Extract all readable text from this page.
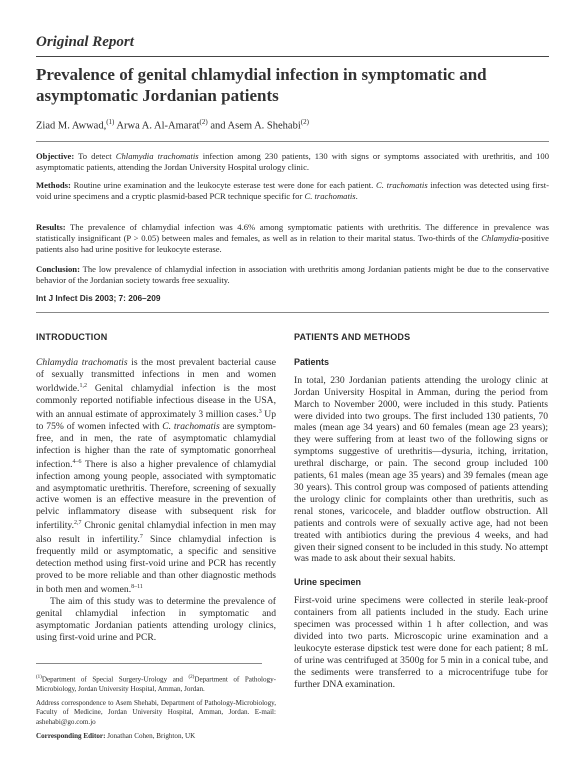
Original Report
Prevalence of genital chlamydial infection in symptomatic and asymptomatic Jordanian patients
Ziad M. Awwad,$^{(1)}$ Arwa A. Al-Amarat$^{(2)}$ and Asem A. Shehabi$^{(2)}$

Objective: To detect Chlamydia trachomatis infection among 230 patients, 130 with signs or symptoms associated with urethritis, and 100 asymptomatic patients, attending the Jordan University Hospital urology clinic.

Methods: Routine urine examination and the leukocyte esterase test were done for each patient. C. trachomatis infection was detected using first-void urine specimens and a cryptic plasmid-based PCR technique specific for C. trachomatis.

Results: The prevalence of chlamydial infection was 4.6% among symptomatic patients with urethritis. The difference in prevalence was statistically insignificant (P > 0.05) between males and females, as well as in relation to their marital status. Two-thirds of the Chlamydia-positive patients also had urine positive for leukocyte esterase.

Conclusion: The low prevalence of chlamydial infection in association with urethritis among Jordanian patients might be due to the conservative behavior of the Jordanian society towards free sexuality.

Int J Infect Dis 2003; 7: 206–209
INTRODUCTION

Chlamydia trachomatis is the most prevalent bacterial cause of sexually transmitted infections in men and women worldwide.$^{1,2}$ Genital chlamydial infection is the most commonly reported notifiable infectious disease in the USA, with an annual estimate of approximately 3 million cases.$^3$ Up to 75% of women infected with C. trachomatis are symptom-free, and in men, the rate of asymptomatic chlamydial infection is higher than the rate of symptomatic gonorrheal infection.$^{4-6}$ There is also a higher prevalence of chlamydial infection among young people, associated with symptomatic and asymptomatic urethritis. Therefore, screening of sexually active women is an effective measure in the prevention of pelvic inflammatory disease with subsequent risk for infertility.$^{2,7}$ Chronic genital chlamydial infection in men may also result in infertility.$^7$ Since chlamydial infection is frequently mild or asymptomatic, a specific and sensitive detection method using first-void urine and PCR has recently proved to be more reliable and than other diagnostic methods in both men and women.$^{8-11}$

The aim of this study was to determine the prevalence of genital chlamydial infection in symptomatic and asymptomatic Jordanian patients attending urology clinics, using first-void urine and PCR.

$^{(1)}$Department of Special Surgery-Urology and $^{(2)}$Department of Pathology-Microbiology, Jordan University Hospital, Amman, Jordan.

Address correspondence to Asem Shehabi, Department of Pathology-Microbiology, Faculty of Medicine, Jordan University Hospital, Amman, Jordan. E-mail: ashehabi@go.com.jo

Corresponding Editor: Jonathan Cohen, Brighton, UK

PATIENTS AND METHODS
Patients

In total, 230 Jordanian patients attending the urology clinic at Jordan University Hospital in Amman, during the period from March to November 2000, were included in this study. Patients were divided into two groups. The first included 130 patients, 70 males (mean age 34 years) and 60 females (mean age 23 years); they were suffering from at least two of the following signs or symptoms suggestive of urethritis—dysuria, itching, irritation, urethral discharge, or pain. The second group included 100 patients, 61 males (mean age 35 years) and 39 females (mean age 30 years). This control group was composed of patients attending the urology clinic for complaints other than urethritis, such as renal stones, varicocele, and bladder outflow obstruction. All patients and controls were of sexually active age, had not been treated with antibiotics during the previous 4 weeks, and had given their signed consent to be included in this study. No attempt was made to ask about their sexual habits.

Urine specimen

First-void urine specimens were collected in sterile leak-proof containers from all patients included in the study. Each urine specimen was processed within 1 h after collection, and was divided into two parts. Microscopic urine examination and a leukocyte esterase dipstick test were done for each patient; 8 mL of urine was centrifuged at 3500g for 5 min in a conical tube, and the sediments were transferred to a microcentrifuge tube for further DNA examination.
